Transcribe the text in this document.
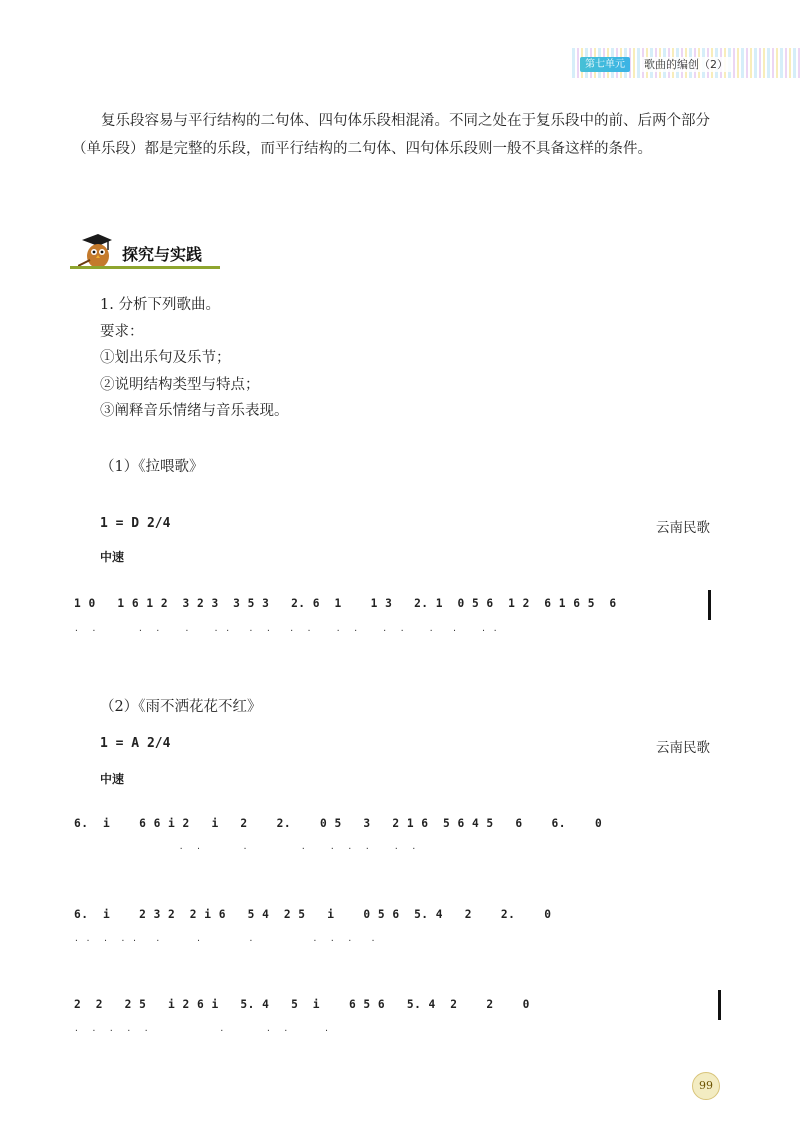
第七单元	歌曲的编创（2）

复乐段容易与平行结构的二句体、四句体乐段相混淆。不同之处在于复乐段中的前、后两个部分（单乐段）都是完整的乐段，而平行结构的二句体、四句体乐段则一般不具备这样的条件。

探究与实践
1. 分析下列歌曲。
要求：
①划出乐句及乐节；
②说明结构类型与特点；
③阐释音乐情绪与音乐表现。
（1）《拉喂歌》
1 = D 2/4	云南民歌
中速
1 0   1 6 1 2  3 2 3  3 5 3   2. 6  1    1 3   2. 1  0 5 6  1 2  6 1 6 5  6
.  .       .  .    .    . .   .  .   .  .    .  .    .  .    .   .    . .
（2）《雨不洒花花不红》
1 = A 2/4	云南民歌
中速
6.  i    6 6 i 2   i   2    2.    0 5   3   2 1 6  5 6 4 5   6    6.    0
.  .       .         .    .  .  .    .  .
6.  i    2 3 2  2 i 6   5 4  2 5   i    0 5 6  5. 4   2    2.    0
. .  .  . .   .      .        .          .  .  .   .
2  2   2 5   i 2 6 i   5. 4   5  i    6 5 6   5. 4  2    2    0
.  .  .  .  .            .       .  .      .
99
